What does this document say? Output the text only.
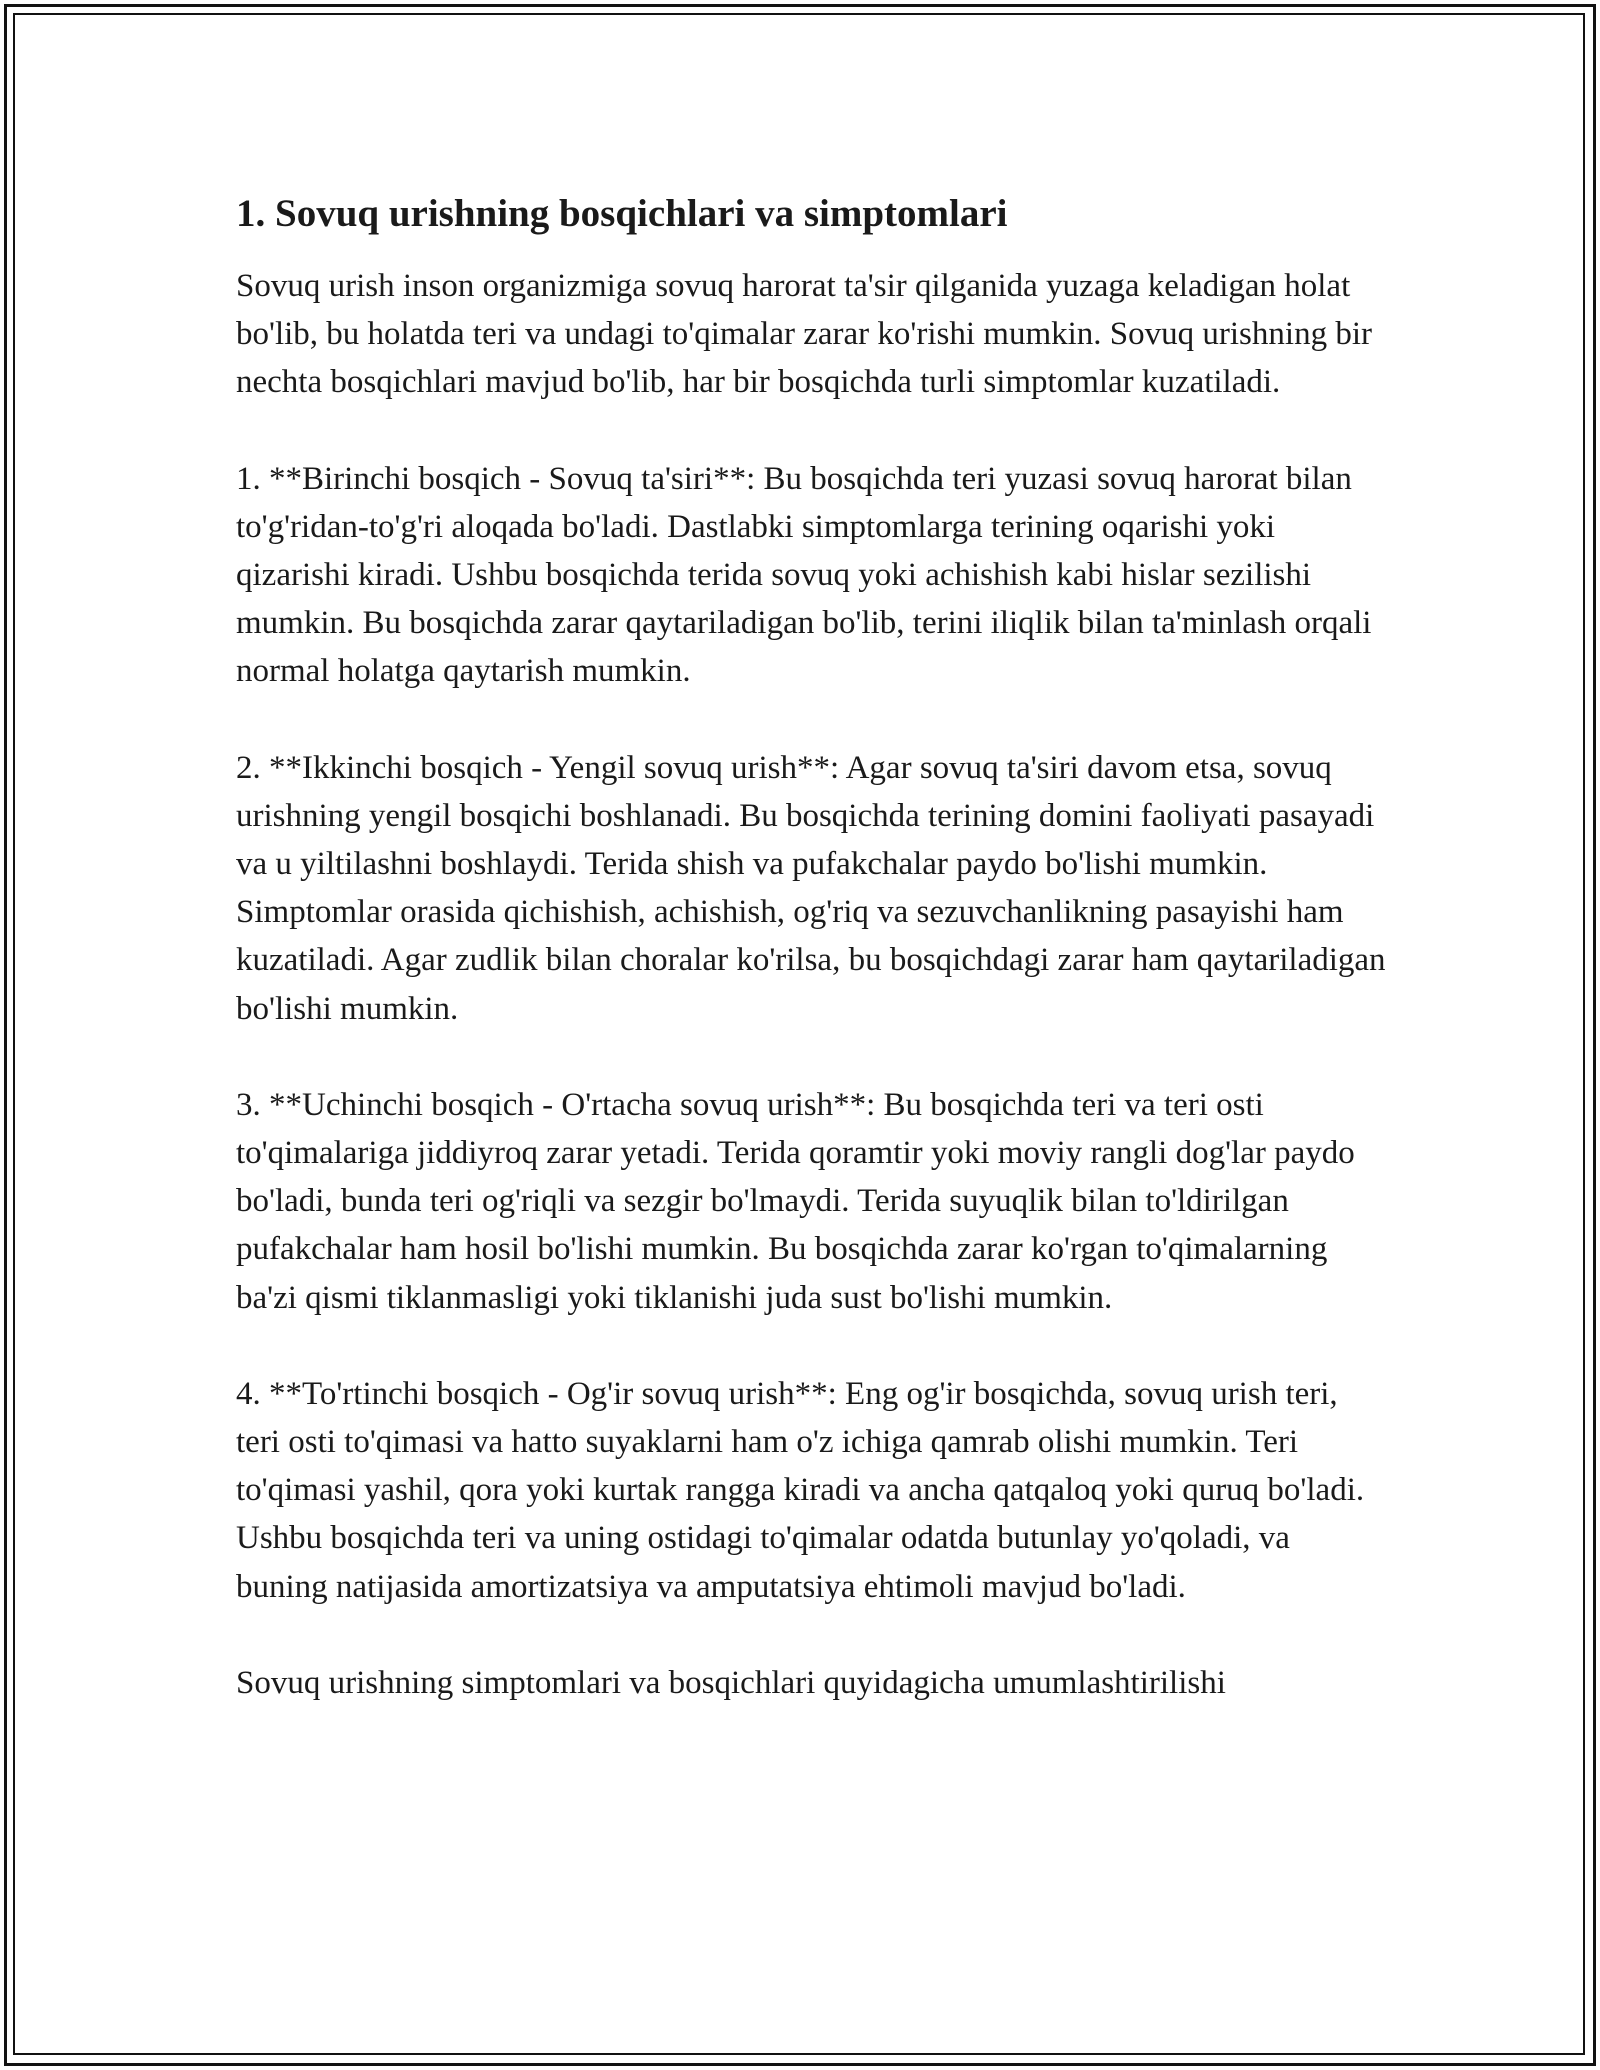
1. Sovuq urishning bosqichlari va simptomlari

Sovuq urish inson organizmiga sovuq harorat ta'sir qilganida yuzaga keladigan holat bo'lib, bu holatda teri va undagi to'qimalar zarar ko'rishi mumkin. Sovuq urishning bir nechta bosqichlari mavjud bo'lib, har bir bosqichda turli simptomlar kuzatiladi.

1. **Birinchi bosqich - Sovuq ta'siri**: Bu bosqichda teri yuzasi sovuq harorat bilan to'g'ridan-to'g'ri aloqada bo'ladi. Dastlabki simptomlarga terining oqarishi yoki qizarishi kiradi. Ushbu bosqichda terida sovuq yoki achishish kabi hislar sezilishi mumkin. Bu bosqichda zarar qaytariladigan bo'lib, terini iliqlik bilan ta'minlash orqali normal holatga qaytarish mumkin.

2. **Ikkinchi bosqich - Yengil sovuq urish**: Agar sovuq ta'siri davom etsa, sovuq urishning yengil bosqichi boshlanadi. Bu bosqichda terining domini faoliyati pasayadi va u yiltilashni boshlaydi. Terida shish va pufakchalar paydo bo'lishi mumkin. Simptomlar orasida qichishish, achishish, og'riq va sezuvchanlikning pasayishi ham kuzatiladi. Agar zudlik bilan choralar ko'rilsa, bu bosqichdagi zarar ham qaytariladigan bo'lishi mumkin.

3. **Uchinchi bosqich - O'rtacha sovuq urish**: Bu bosqichda teri va teri osti to'qimalariga jiddiyroq zarar yetadi. Terida qoramtir yoki moviy rangli dog'lar paydo bo'ladi, bunda teri og'riqli va sezgir bo'lmaydi. Terida suyuqlik bilan to'ldirilgan pufakchalar ham hosil bo'lishi mumkin. Bu bosqichda zarar ko'rgan to'qimalarning ba'zi qismi tiklanmasligi yoki tiklanishi juda sust bo'lishi mumkin.

4. **To'rtinchi bosqich - Og'ir sovuq urish**: Eng og'ir bosqichda, sovuq urish teri, teri osti to'qimasi va hatto suyaklarni ham o'z ichiga qamrab olishi mumkin. Teri to'qimasi yashil, qora yoki kurtak rangga kiradi va ancha qatqaloq yoki quruq bo'ladi. Ushbu bosqichda teri va uning ostidagi to'qimalar odatda butunlay yo'qoladi, va buning natijasida amortizatsiya va amputatsiya ehtimoli mavjud bo'ladi.

Sovuq urishning simptomlari va bosqichlari quyidagicha umumlashtirilishi
